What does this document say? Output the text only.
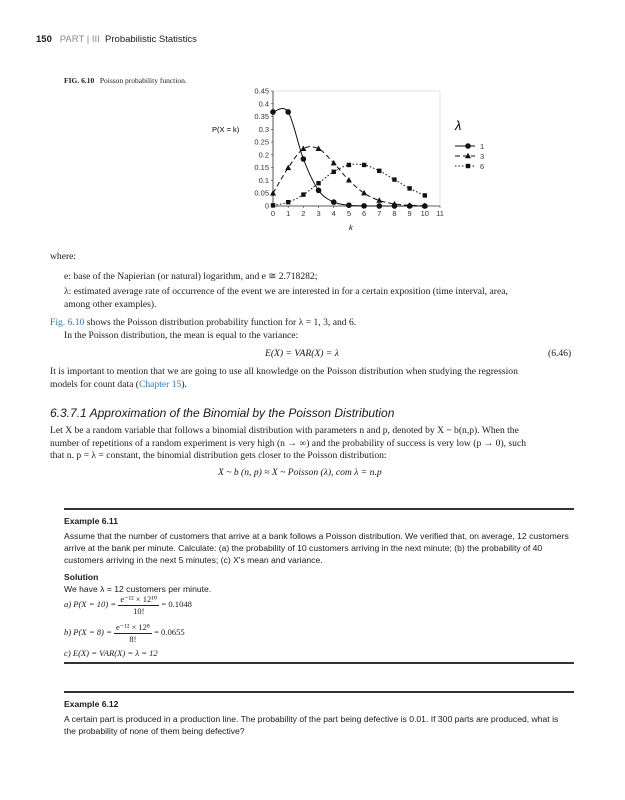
150 PART | III Probabilistic Statistics
FIG. 6.10 Poisson probability function.
0
0.05
0.1
0.15
0.2
0.25
0.3
0.35
0.4
0.45
0 1 2 3 4 5 6 7 8 9 10 11
P(X = k)	λ
1
3
6
k
where:
e: base of the Napierian (or natural) logarithm, and e ≅ 2.718282;
λ: estimated average rate of occurrence of the event we are interested in for a certain exposition (time interval, area,
among other examples).
Fig. 6.10 shows the Poisson distribution probability function for λ = 1, 3, and 6.
In the Poisson distribution, the mean is equal to the variance:
E(X) = VAR(X) = λ	(6.46)
It is important to mention that we are going to use all knowledge on the Poisson distribution when studying the regression
models for count data (Chapter 15).
6.3.7.1 Approximation of the Binomial by the Poisson Distribution
Let X be a random variable that follows a binomial distribution with parameters n and p, denoted by X ~ b(n,p). When the
number of repetitions of a random experiment is very high (n → ∞) and the probability of success is very low (p → 0), such
that n. p = λ = constant, the binomial distribution gets closer to the Poisson distribution:
X ~ b (n, p) ≈ X ~ Poisson (λ), com λ = n.p
Example 6.11
Assume that the number of customers that arrive at a bank follows a Poisson distribution. We verified that, on average, 12 customers
arrive at the bank per minute. Calculate: (a) the probability of 10 customers arriving in the next minute; (b) the probability of 40
customers arriving in the next 5 minutes; (c) X's mean and variance.
Solution
We have λ = 12 customers per minute.
a) $P(X = 10) = \frac{\text{e⁻¹² × 12¹⁰}}{10!} = 0.1048$
b) $P(X = 8) = \frac{\text{e⁻¹² × 12⁸}}{8!} = 0.0655$
c) E(X) = VAR(X) = λ = 12
Example 6.12
A certain part is produced in a production line. The probability of the part being defective is 0.01. If 300 parts are produced, what is
the probability of none of them being defective?
